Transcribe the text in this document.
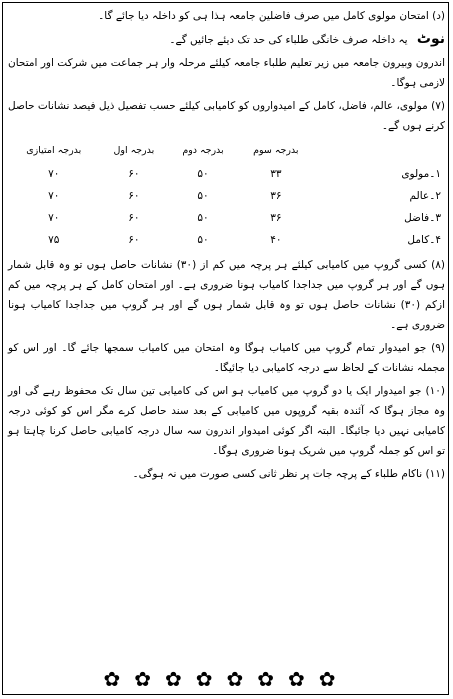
(د) امتحان مولوی کامل میں صرف فاضلین جامعہ ہذا ہی کو داخلہ دیا جائے گا۔

نوٹ یہ داخلہ صرف خانگی طلباء کی حد تک دیئے جائیں گے۔

اندرون وبیرون جامعہ میں زیر تعلیم طلباء جامعہ کیلئے مرحلہ وار ہر جماعت میں شرکت اور امتحان لازمی ہوگا۔

(۷) مولوی، عالم، فاضل، کامل کے امیدواروں کو کامیابی کیلئے حسب تفصیل ذیل فیصد نشانات حاصل کرنے ہوں گے۔

	بدرجہ سوم	بدرجہ دوم	بدرجہ اول	بدرجہ امتیازی
۱۔مولوی	۳۳	۵۰	۶۰	۷۰
۲۔عالم	۳۶	۵۰	۶۰	۷۰
۳۔فاضل	۳۶	۵۰	۶۰	۷۰
۴۔کامل	۴۰	۵۰	۶۰	۷۵

(۸) کسی گروپ میں کامیابی کیلئے ہر پرچہ میں کم از (۳۰) نشانات حاصل ہوں تو وہ قابل شمار ہوں گے اور ہر گروپ میں جداجدا کامیاب ہونا ضروری ہے۔ اور امتحان کامل کے ہر پرچہ میں کم ازکم (۳۰) نشانات حاصل ہوں تو وہ قابل شمار ہوں گے اور ہر گروپ میں جداجدا کامیاب ہونا ضروری ہے۔

(۹) جو امیدوار تمام گروپ میں کامیاب ہوگا وہ امتحان میں کامیاب سمجھا جائے گا۔ اور اس کو مجملہ نشانات کے لحاظ سے درجہ کامیابی دیا جائیگا۔

(۱۰) جو امیدوار ایک یا دو گروپ میں کامیاب ہو اس کی کامیابی تین سال تک محفوظ رہے گی اور وہ مجاز ہوگا کہ آئندہ بقیہ گروپوں میں کامیابی کے بعد سند حاصل کرے مگر اس کو کوئی درجہ کامیابی نہیں دیا جائیگا۔ البتہ اگر کوئی امیدوار اندرون سہ سال درجہ کامیابی حاصل کرنا چاہتا ہو تو اس کو جملہ گروپ میں شریک ہونا ضروری ہوگا۔

(۱۱) ناکام طلباء کے پرچہ جات پر نظر ثانی کسی صورت میں نہ ہوگی۔

✿✿✿✿✿✿✿✿
